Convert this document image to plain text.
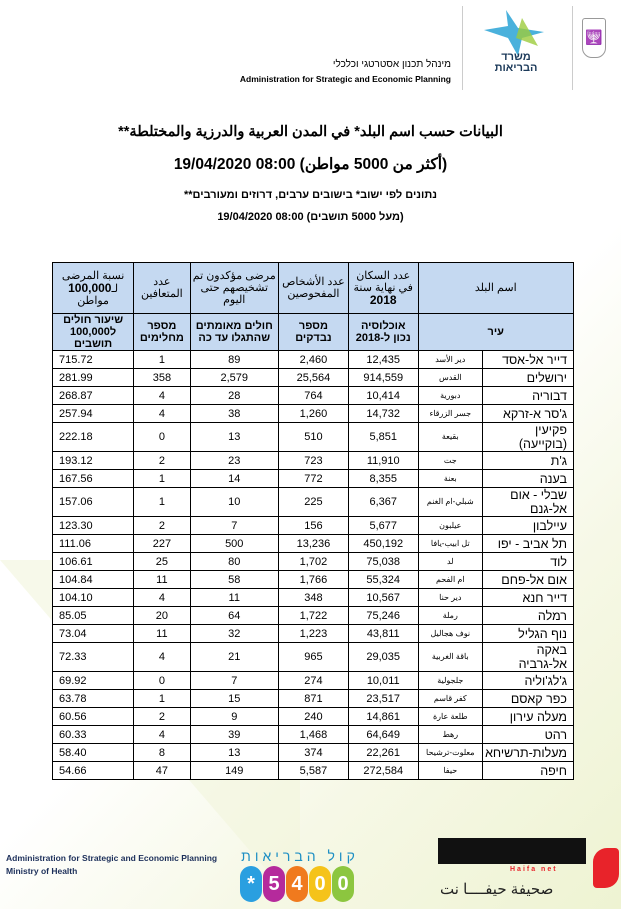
מינהל תכנון אסטרטגי וכלכלי
Administration for Strategic and Economic Planning
משרד
הבריאות
🕎
البيانات حسب اسم البلد* في المدن العربية والدرزية والمختلطة**
(أكثر من 5000 مواطن) 08:00 19/04/2020
נתונים לפי ישוב* בישובים ערבים, דרוזים ומעורבים**
(מעל 5000 תושבים) 08:00 19/04/2020
اسم البلد		عدد السكان في نهاية سنة
2018	عدد الأشخاص المفحوصين	مرضى مؤكدون تم تشخيصهم حتى اليوم	عدد المتعافين	نسبة المرضى لـ100,000
مواطن
עיר		אוכלוסיה נכון ל-2018	מספר נבדקים	חולים מאומתים שהתגלו עד כה	מספר מחלימים	שיעור חולים ל100,000 תושבים
דייר אל-אסד	دير الأسد	12,435	2,460	89	1	715.72
ירושלים	القدس	914,559	25,564	2,579	358	281.99
דבוריה	دبورية	10,414	764	28	4	268.87
ג'סר א-זרקא	جسر الزرقاء	14,732	1,260	38	4	257.94
פקיעין (בוקייעה)	بقيعة	5,851	510	13	0	222.18
ג'ת	جت	11,910	723	23	2	193.12
בענה	بعنة	8,355	772	14	1	167.56
שבלי - אום אל-גנם	شبلي-ام الغنم	6,367	225	10	1	157.06
עיילבון	عيلبون	5,677	156	7	2	123.30
תל אביב - יפו	تل ابيب-يافا	450,192	13,236	500	227	111.06
לוד	لد	75,038	1,702	80	25	106.61
אום אל-פחם	ام الفحم	55,324	1,766	58	11	104.84
דייר חנא	دير حنا	10,567	348	11	4	104.10
רמלה	رملة	75,246	1,722	64	20	85.05
נוף הגליל	نوف هجاليل	43,811	1,223	32	11	73.04
באקה אל-גרביה	باقة الغربية	29,035	965	21	4	72.33
ג'לג'וליה	جلجولية	10,011	274	7	0	69.92
כפר קאסם	كفر قاسم	23,517	871	15	1	63.78
מעלה עירון	طلعة عارة	14,861	240	9	2	60.56
רהט	رهط	64,649	1,468	39	4	60.33
מעלות-תרשיחא	معلوت-ترشيحا	22,261	374	13	8	58.40
חיפה	حيفا	272,584	5,587	149	47	54.66
Administration for Strategic and Economic Planning
Ministry of Health
קול הבריאות
* 5 4 0 0
Haifa net
صحيفة حيفــــا نت
